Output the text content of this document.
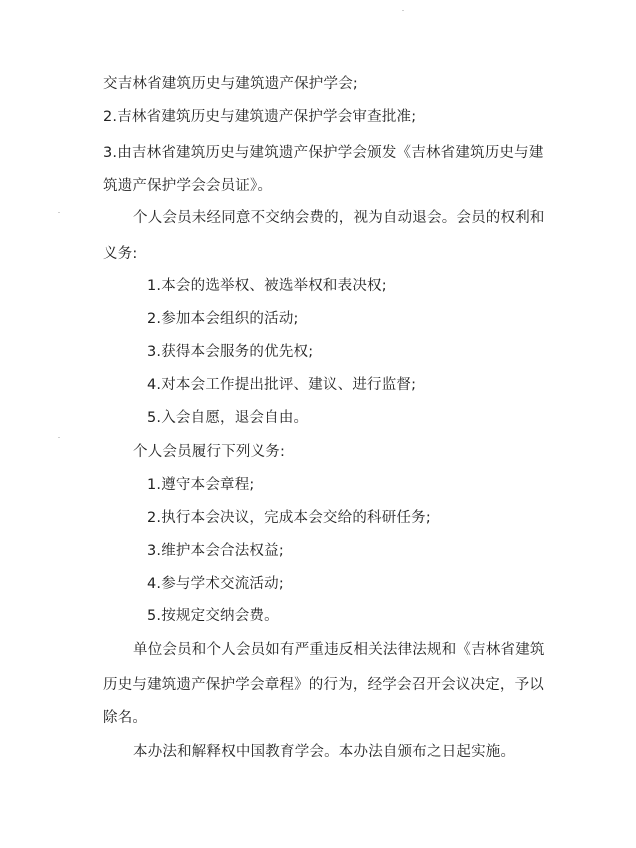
交吉林省建筑历史与建筑遗产保护学会;
2.吉林省建筑历史与建筑遗产保护学会审查批准;
3.由吉林省建筑历史与建筑遗产保护学会颁发《吉林省建筑历史与建
筑遗产保护学会会员证》。
个人会员未经同意不交纳会费的，视为自动退会。会员的权利和
义务:
1.本会的选举权、被选举权和表决权;
2.参加本会组织的活动;
3.获得本会服务的优先权;
4.对本会工作提出批评、建议、进行监督;
5.入会自愿，退会自由。
个人会员履行下列义务:
1.遵守本会章程;
2.执行本会决议，完成本会交给的科研任务;
3.维护本会合法权益;
4.参与学术交流活动;
5.按规定交纳会费。
单位会员和个人会员如有严重违反相关法律法规和《吉林省建筑
历史与建筑遗产保护学会章程》的行为，经学会召开会议决定，予以
除名。
本办法和解释权中国教育学会。本办法自颁布之日起实施。
